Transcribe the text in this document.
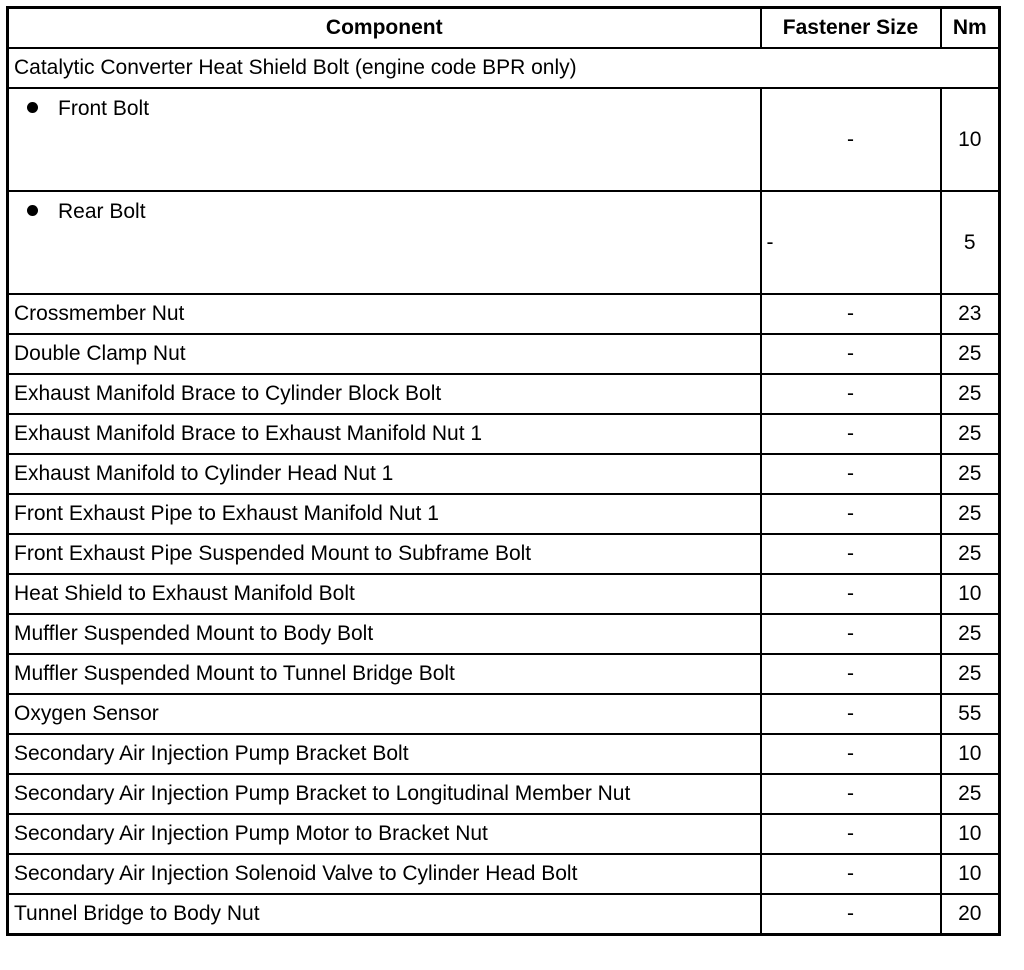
Component	Fastener Size	Nm
Catalytic Converter Heat Shield Bolt (engine code BPR only)		
Front Bolt	-	10
Rear Bolt	-	5
Crossmember Nut	-	23
Double Clamp Nut	-	25
Exhaust Manifold Brace to Cylinder Block Bolt	-	25
Exhaust Manifold Brace to Exhaust Manifold Nut 1	-	25
Exhaust Manifold to Cylinder Head Nut 1	-	25
Front Exhaust Pipe to Exhaust Manifold Nut 1	-	25
Front Exhaust Pipe Suspended Mount to Subframe Bolt	-	25
Heat Shield to Exhaust Manifold Bolt	-	10
Muffler Suspended Mount to Body Bolt	-	25
Muffler Suspended Mount to Tunnel Bridge Bolt	-	25
Oxygen Sensor	-	55
Secondary Air Injection Pump Bracket Bolt	-	10
Secondary Air Injection Pump Bracket to Longitudinal Member Nut	-	25
Secondary Air Injection Pump Motor to Bracket Nut	-	10
Secondary Air Injection Solenoid Valve to Cylinder Head Bolt	-	10
Tunnel Bridge to Body Nut	-	20
